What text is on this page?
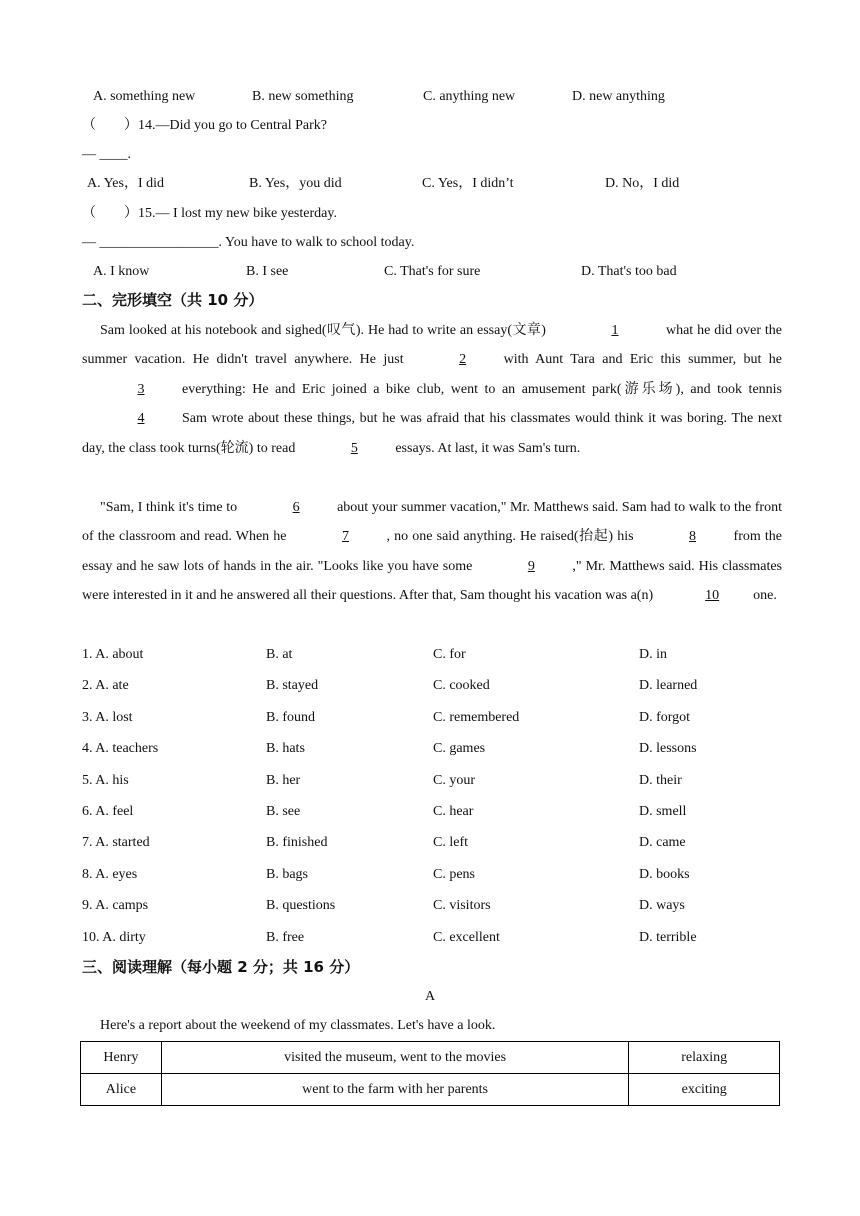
A. something new	B. new something	C. anything new	D. new anything
（　　）14.—Did you go to Central Park?
— ____.
A. Yes，I did	B. Yes，you did	C. Yes，I didn’t	D. No，I did
（　　）15.— I lost my new bike yesterday.
— _________________. You have to walk to school today.
A. I know	B. I see	C. That's for sure	D. That's too bad
二、完形填空（共 10 分）
Sam looked at his notebook and sighed(叹气). He had to write an essay(文章)	1	what he did over the summer vacation. He didn't travel anywhere. He just	2	with Aunt Tara and Eric this summer, but he3	everything: He and Eric joined a bike club, went to an amusement park(游乐场), and took tennis4	Sam wrote about these things, but he was afraid that his classmates would think it was boring. The next day, the class took turns(轮流) to read	5	essays. At last, it was Sam's turn.
"Sam, I think it's time to	6	about your summer vacation," Mr. Matthews said. Sam had to walk to the front of the classroom and read. When he	7	, no one said anything. He raised(抬起) his	8	from the essay and he saw lots of hands in the air. "Looks like you have some	9	," Mr. Matthews said. His classmates were interested in it and he answered all their questions. After that, Sam thought his vacation was a(n)	10 one.
1. A. about	B. at	C. for	D. in
2. A. ate	B. stayed	C. cooked	D. learned
3. A. lost	B. found	C. remembered	D. forgot
4. A. teachers	B. hats	C. games	D. lessons
5. A. his	B. her	C. your	D. their
6. A. feel	B. see	C. hear	D. smell
7. A. started	B. finished	C. left	D. came
8. A. eyes	B. bags	C. pens	D. books
9. A. camps	B. questions	C. visitors	D. ways
10. A. dirty	B. free	C. excellent	D. terrible
三、阅读理解（每小题 2 分；共 16 分）
A
Here's a report about the weekend of my classmates. Let's have a look.
Henry	visited the museum, went to the movies	relaxing
Alice	went to the farm with her parents	exciting
